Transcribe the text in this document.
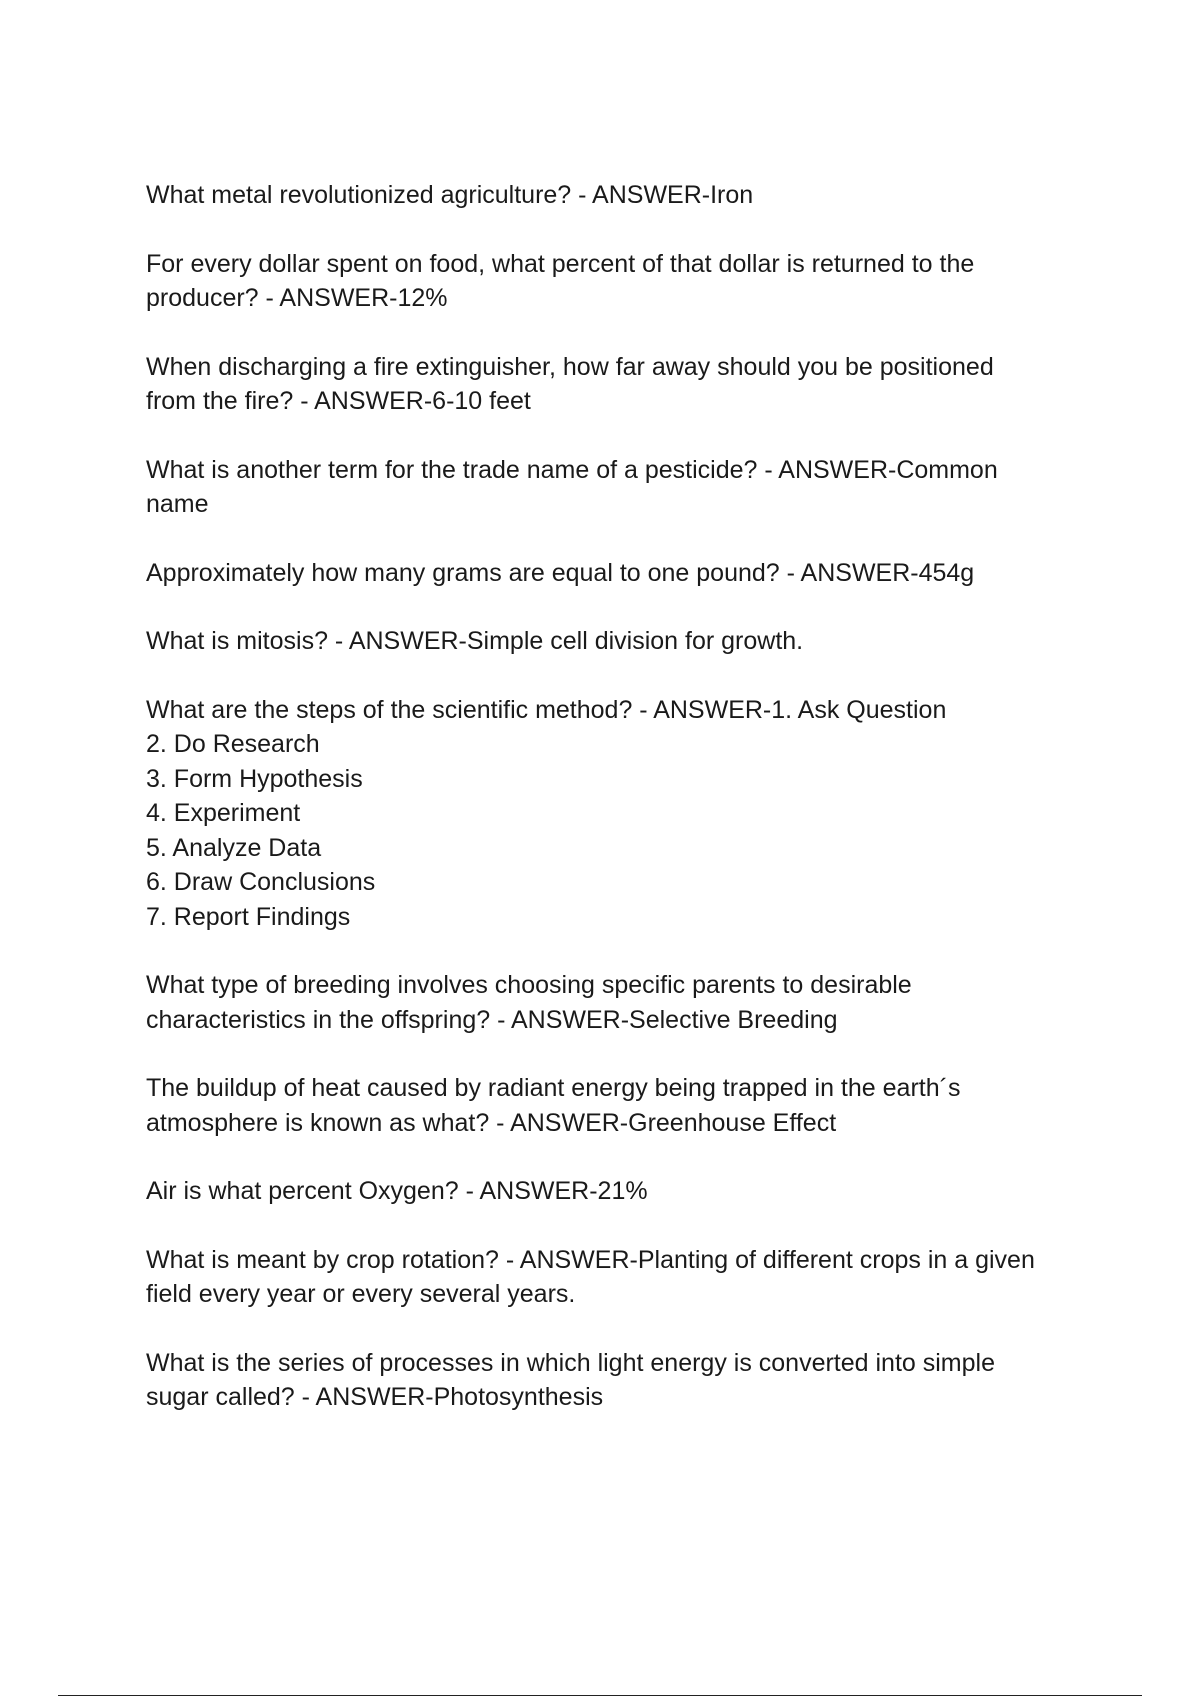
What metal revolutionized agriculture? - ANSWER-Iron

For every dollar spent on food, what percent of that dollar is returned to the
producer? - ANSWER-12%

When discharging a fire extinguisher, how far away should you be positioned
from the fire? - ANSWER-6-10 feet

What is another term for the trade name of a pesticide? - ANSWER-Common
name

Approximately how many grams are equal to one pound? - ANSWER-454g

What is mitosis? - ANSWER-Simple cell division for growth.

What are the steps of the scientific method? - ANSWER-1. Ask Question
2. Do Research
3. Form Hypothesis
4. Experiment
5. Analyze Data
6. Draw Conclusions
7. Report Findings

What type of breeding involves choosing specific parents to desirable
characteristics in the offspring? - ANSWER-Selective Breeding

The buildup of heat caused by radiant energy being trapped in the earth´s
atmosphere is known as what? - ANSWER-Greenhouse Effect

Air is what percent Oxygen? - ANSWER-21%

What is meant by crop rotation? - ANSWER-Planting of different crops in a given
field every year or every several years.

What is the series of processes in which light energy is converted into simple
sugar called? - ANSWER-Photosynthesis
